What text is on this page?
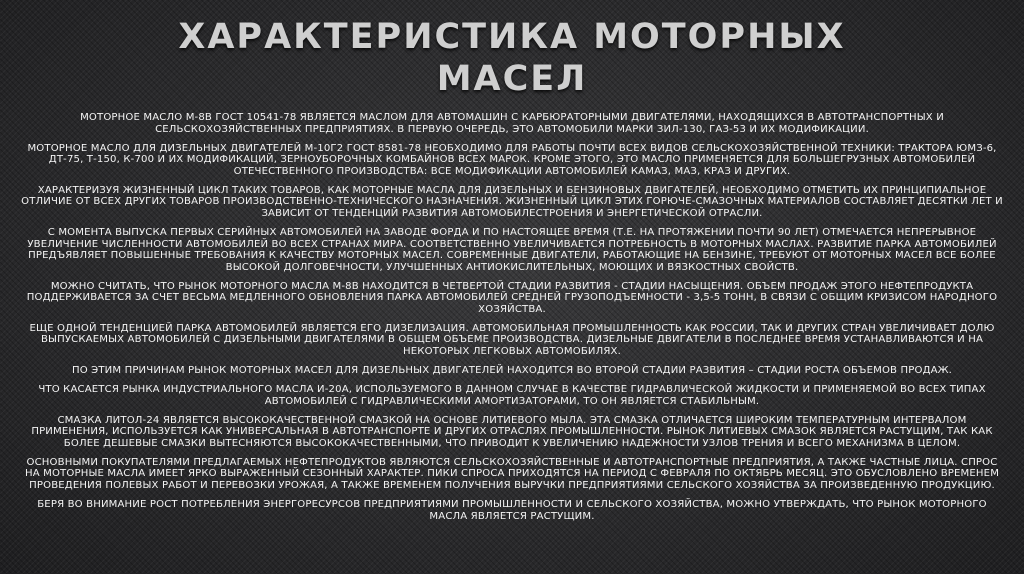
ХАРАКТЕРИСТИКА МОТОРНЫХ
МАСЕЛ

МОТОРНОЕ МАСЛО М-8В ГОСТ 10541-78 ЯВЛЯЕТСЯ МАСЛОМ ДЛЯ АВТОМАШИН С КАРБЮРАТОРНЫМИ ДВИГАТЕЛЯМИ, НАХОДЯЩИХСЯ В АВТОТРАНСПОРТНЫХ И СЕЛЬСКОХОЗЯЙСТВЕННЫХ ПРЕДПРИЯТИЯХ. В ПЕРВУЮ ОЧЕРЕДЬ, ЭТО АВТОМОБИЛИ МАРКИ ЗИЛ-130, ГАЗ-53 И ИХ МОДИФИКАЦИИ.

МОТОРНОЕ МАСЛО ДЛЯ ДИЗЕЛЬНЫХ ДВИГАТЕЛЕЙ М-10Г2 ГОСТ 8581-78 НЕОБХОДИМО ДЛЯ РАБОТЫ ПОЧТИ ВСЕХ ВИДОВ СЕЛЬСКОХОЗЯЙСТВЕННОЙ ТЕХНИКИ: ТРАКТОРА ЮМЗ-6, ДТ-75, Т-150, К-700 И ИХ МОДИФИКАЦИЙ, ЗЕРНОУБОРОЧНЫХ КОМБАЙНОВ ВСЕХ МАРОК. КРОМЕ ЭТОГО, ЭТО МАСЛО ПРИМЕНЯЕТСЯ ДЛЯ БОЛЬШЕГРУЗНЫХ АВТОМОБИЛЕЙ ОТЕЧЕСТВЕННОГО ПРОИЗВОДСТВА: ВСЕ МОДИФИКАЦИИ АВТОМОБИЛЕЙ КАМАЗ, МАЗ, КРАЗ И ДРУГИХ.

ХАРАКТЕРИЗУЯ ЖИЗНЕННЫЙ ЦИКЛ ТАКИХ ТОВАРОВ, КАК МОТОРНЫЕ МАСЛА ДЛЯ ДИЗЕЛЬНЫХ И БЕНЗИНОВЫХ ДВИГАТЕЛЕЙ, НЕОБХОДИМО ОТМЕТИТЬ ИХ ПРИНЦИПИАЛЬНОЕ ОТЛИЧИЕ ОТ ВСЕХ ДРУГИХ ТОВАРОВ ПРОИЗВОДСТВЕННО-ТЕХНИЧЕСКОГО НАЗНАЧЕНИЯ. ЖИЗНЕННЫЙ ЦИКЛ ЭТИХ ГОРЮЧЕ-СМАЗОЧНЫХ МАТЕРИАЛОВ СОСТАВЛЯЕТ ДЕСЯТКИ ЛЕТ И ЗАВИСИТ ОТ ТЕНДЕНЦИЙ РАЗВИТИЯ АВТОМОБИЛЕСТРОЕНИЯ И ЭНЕРГЕТИЧЕСКОЙ ОТРАСЛИ.

С МОМЕНТА ВЫПУСКА ПЕРВЫХ СЕРИЙНЫХ АВТОМОБИЛЕЙ НА ЗАВОДЕ ФОРДА И ПО НАСТОЯЩЕЕ ВРЕМЯ (Т.Е. НА ПРОТЯЖЕНИИ ПОЧТИ 90 ЛЕТ) ОТМЕЧАЕТСЯ НЕПРЕРЫВНОЕ УВЕЛИЧЕНИЕ ЧИСЛЕННОСТИ АВТОМОБИЛЕЙ ВО ВСЕХ СТРАНАХ МИРА. СООТВЕТСТВЕННО УВЕЛИЧИВАЕТСЯ ПОТРЕБНОСТЬ В МОТОРНЫХ МАСЛАХ. РАЗВИТИЕ ПАРКА АВТОМОБИЛЕЙ ПРЕДЪЯВЛЯЕТ ПОВЫШЕННЫЕ ТРЕБОВАНИЯ К КАЧЕСТВУ МОТОРНЫХ МАСЕЛ. СОВРЕМЕННЫЕ ДВИГАТЕЛИ, РАБОТАЮЩИЕ НА БЕНЗИНЕ, ТРЕБУЮТ ОТ МОТОРНЫХ МАСЕЛ ВСЕ БОЛЕЕ ВЫСОКОЙ ДОЛГОВЕЧНОСТИ, УЛУЧШЕННЫХ АНТИОКИСЛИТЕЛЬНЫХ, МОЮЩИХ И ВЯЗКОСТНЫХ СВОЙСТВ.

МОЖНО СЧИТАТЬ, ЧТО РЫНОК МОТОРНОГО МАСЛА М-8В НАХОДИТСЯ В ЧЕТВЕРТОЙ СТАДИИ РАЗВИТИЯ - СТАДИИ НАСЫЩЕНИЯ. ОБЪЕМ ПРОДАЖ ЭТОГО НЕФТЕПРОДУКТА ПОДДЕРЖИВАЕТСЯ ЗА СЧЕТ ВЕСЬМА МЕДЛЕННОГО ОБНОВЛЕНИЯ ПАРКА АВТОМОБИЛЕЙ СРЕДНЕЙ ГРУЗОПОДЪЕМНОСТИ - 3,5-5 ТОНН, В СВЯЗИ С ОБЩИМ КРИЗИСОМ НАРОДНОГО ХОЗЯЙСТВА.

ЕЩЕ ОДНОЙ ТЕНДЕНЦИЕЙ ПАРКА АВТОМОБИЛЕЙ ЯВЛЯЕТСЯ ЕГО ДИЗЕЛИЗАЦИЯ. АВТОМОБИЛЬНАЯ ПРОМЫШЛЕННОСТЬ КАК РОССИИ, ТАК И ДРУГИХ СТРАН УВЕЛИЧИВАЕТ ДОЛЮ ВЫПУСКАЕМЫХ АВТОМОБИЛЕЙ С ДИЗЕЛЬНЫМИ ДВИГАТЕЛЯМИ В ОБЩЕМ ОБЪЕМЕ ПРОИЗВОДСТВА. ДИЗЕЛЬНЫЕ ДВИГАТЕЛИ В ПОСЛЕДНЕЕ ВРЕМЯ УСТАНАВЛИВАЮТСЯ И НА НЕКОТОРЫХ ЛЕГКОВЫХ АВТОМОБИЛЯХ.

ПО ЭТИМ ПРИЧИНАМ РЫНОК МОТОРНЫХ МАСЕЛ ДЛЯ ДИЗЕЛЬНЫХ ДВИГАТЕЛЕЙ НАХОДИТСЯ ВО ВТОРОЙ СТАДИИ РАЗВИТИЯ – СТАДИИ РОСТА ОБЪЕМОВ ПРОДАЖ.

ЧТО КАСАЕТСЯ РЫНКА ИНДУСТРИАЛЬНОГО МАСЛА И-20А, ИСПОЛЬЗУЕМОГО В ДАННОМ СЛУЧАЕ В КАЧЕСТВЕ ГИДРАВЛИЧЕСКОЙ ЖИДКОСТИ И ПРИМЕНЯЕМОЙ ВО ВСЕХ ТИПАХ АВТОМОБИЛЕЙ С ГИДРАВЛИЧЕСКИМИ АМОРТИЗАТОРАМИ, ТО ОН ЯВЛЯЕТСЯ СТАБИЛЬНЫМ.

СМАЗКА ЛИТОЛ-24 ЯВЛЯЕТСЯ ВЫСОКОКАЧЕСТВЕННОЙ СМАЗКОЙ НА ОСНОВЕ ЛИТИЕВОГО МЫЛА. ЭТА СМАЗКА ОТЛИЧАЕТСЯ ШИРОКИМ ТЕМПЕРАТУРНЫМ ИНТЕРВАЛОМ ПРИМЕНЕНИЯ, ИСПОЛЬЗУЕТСЯ КАК УНИВЕРСАЛЬНАЯ В АВТОТРАНСПОРТЕ И ДРУГИХ ОТРАСЛЯХ ПРОМЫШЛЕННОСТИ. РЫНОК ЛИТИЕВЫХ СМАЗОК ЯВЛЯЕТСЯ РАСТУЩИМ, ТАК КАК БОЛЕЕ ДЕШЕВЫЕ СМАЗКИ ВЫТЕСНЯЮТСЯ ВЫСОКОКАЧЕСТВЕННЫМИ, ЧТО ПРИВОДИТ К УВЕЛИЧЕНИЮ НАДЕЖНОСТИ УЗЛОВ ТРЕНИЯ И ВСЕГО МЕХАНИЗМА В ЦЕЛОМ.

ОСНОВНЫМИ ПОКУПАТЕЛЯМИ ПРЕДЛАГАЕМЫХ НЕФТЕПРОДУКТОВ ЯВЛЯЮТСЯ СЕЛЬСКОХОЗЯЙСТВЕННЫЕ И АВТОТРАНСПОРТНЫЕ ПРЕДПРИЯТИЯ, А ТАКЖЕ ЧАСТНЫЕ ЛИЦА. СПРОС НА МОТОРНЫЕ МАСЛА ИМЕЕТ ЯРКО ВЫРАЖЕННЫЙ СЕЗОННЫЙ ХАРАКТЕР. ПИКИ СПРОСА ПРИХОДЯТСЯ НА ПЕРИОД С ФЕВРАЛЯ ПО ОКТЯБРЬ МЕСЯЦ. ЭТО ОБУСЛОВЛЕНО ВРЕМЕНЕМ ПРОВЕДЕНИЯ ПОЛЕВЫХ РАБОТ И ПЕРЕВОЗКИ УРОЖАЯ, А ТАКЖЕ ВРЕМЕНЕМ ПОЛУЧЕНИЯ ВЫРУЧКИ ПРЕДПРИЯТИЯМИ СЕЛЬСКОГО ХОЗЯЙСТВА ЗА ПРОИЗВЕДЕННУЮ ПРОДУКЦИЮ.

БЕРЯ ВО ВНИМАНИЕ РОСТ ПОТРЕБЛЕНИЯ ЭНЕРГОРЕСУРСОВ ПРЕДПРИЯТИЯМИ ПРОМЫШЛЕННОСТИ И СЕЛЬСКОГО ХОЗЯЙСТВА, МОЖНО УТВЕРЖДАТЬ, ЧТО РЫНОК МОТОРНОГО МАСЛА ЯВЛЯЕТСЯ РАСТУЩИМ.
